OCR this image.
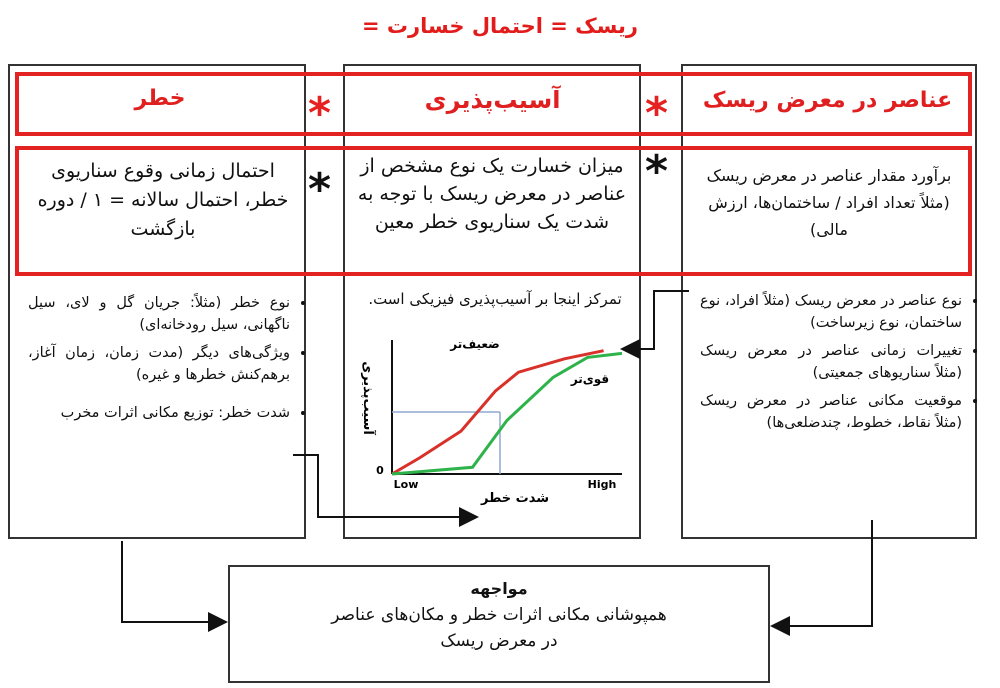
ریسک = احتمال خسارت =
خطر	آسیب‌پذیری	عناصر در معرض ریسک
*	*
*	*
احتمال زمانی وقوع سناریوی خطر، احتمال سالانه = ۱ / دوره بازگشت
میزان خسارت یک نوع مشخص از عناصر در معرض ریسک با توجه به شدت یک سناریوی خطر معین
برآورد مقدار عناصر در معرض ریسک (مثلاً تعداد افراد / ساختمان‌ها، ارزش مالی)
• نوع خطر (مثلاً: جریان گل و لای، سیل ناگهانی، سیل رودخانه‌ای)
• ویژگی‌های دیگر (مدت زمان، زمان آغاز، برهم‌کنش خطرها و غیره)
• شدت خطر: توزیع مکانی اثرات مخرب
• نوع عناصر در معرض ریسک (مثلاً افراد، نوع ساختمان، نوع زیرساخت)
• تغییرات زمانی عناصر در معرض ریسک (مثلاً سناریوهای جمعیتی)
• موقعیت مکانی عناصر در معرض ریسک (مثلاً نقاط، خطوط، چندضلعی‌ها)
تمرکز اینجا بر آسیب‌پذیری فیزیکی است.
0
Low	High
شدت خطر
آسیب‌پذیری
ضعیف‌تر
قوی‌تر
مواجهه
همپوشانی مکانی اثرات خطر و مکان‌های عناصر در معرض ریسک
